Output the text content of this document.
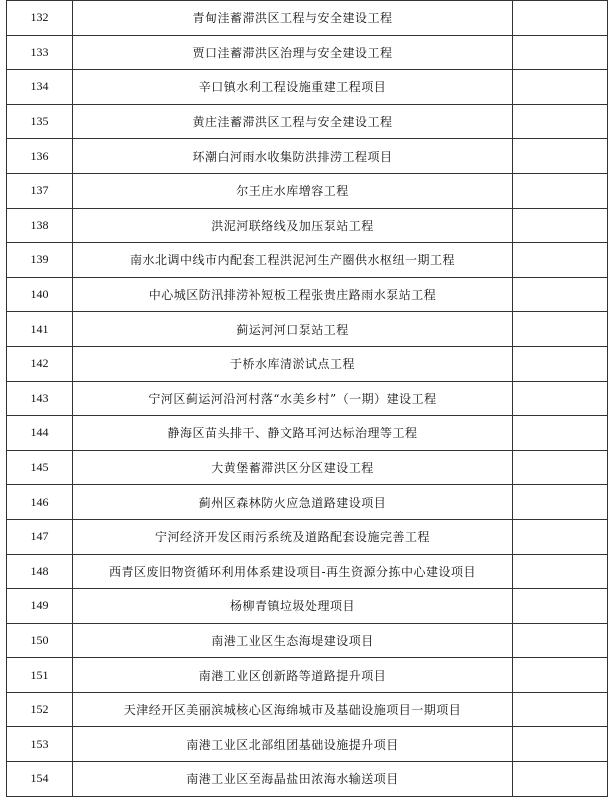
132	青甸洼蓄滞洪区工程与安全建设工程	
133	贾口洼蓄滞洪区治理与安全建设工程	
134	辛口镇水利工程设施重建工程项目	
135	黄庄洼蓄滞洪区工程与安全建设工程	
136	环潮白河雨水收集防洪排涝工程项目	
137	尔王庄水库增容工程	
138	洪泥河联络线及加压泵站工程	
139	南水北调中线市内配套工程洪泥河生产圈供水枢纽一期工程	
140	中心城区防汛排涝补短板工程张贵庄路雨水泵站工程	
141	蓟运河河口泵站工程	
142	于桥水库清淤试点工程	
143	宁河区蓟运河沿河村落“水美乡村”（一期）建设工程	
144	静海区苗头排干、静文路耳河达标治理等工程	
145	大黄堡蓄滞洪区分区建设工程	
146	蓟州区森林防火应急道路建设项目	
147	宁河经济开发区雨污系统及道路配套设施完善工程	
148	西青区废旧物资循环利用体系建设项目-再生资源分拣中心建设项目	
149	杨柳青镇垃圾处理项目	
150	南港工业区生态海堤建设项目	
151	南港工业区创新路等道路提升项目	
152	天津经开区美丽滨城核心区海绵城市及基础设施项目一期项目	
153	南港工业区北部组团基础设施提升项目	
154	南港工业区至海晶盐田浓海水输送项目	
